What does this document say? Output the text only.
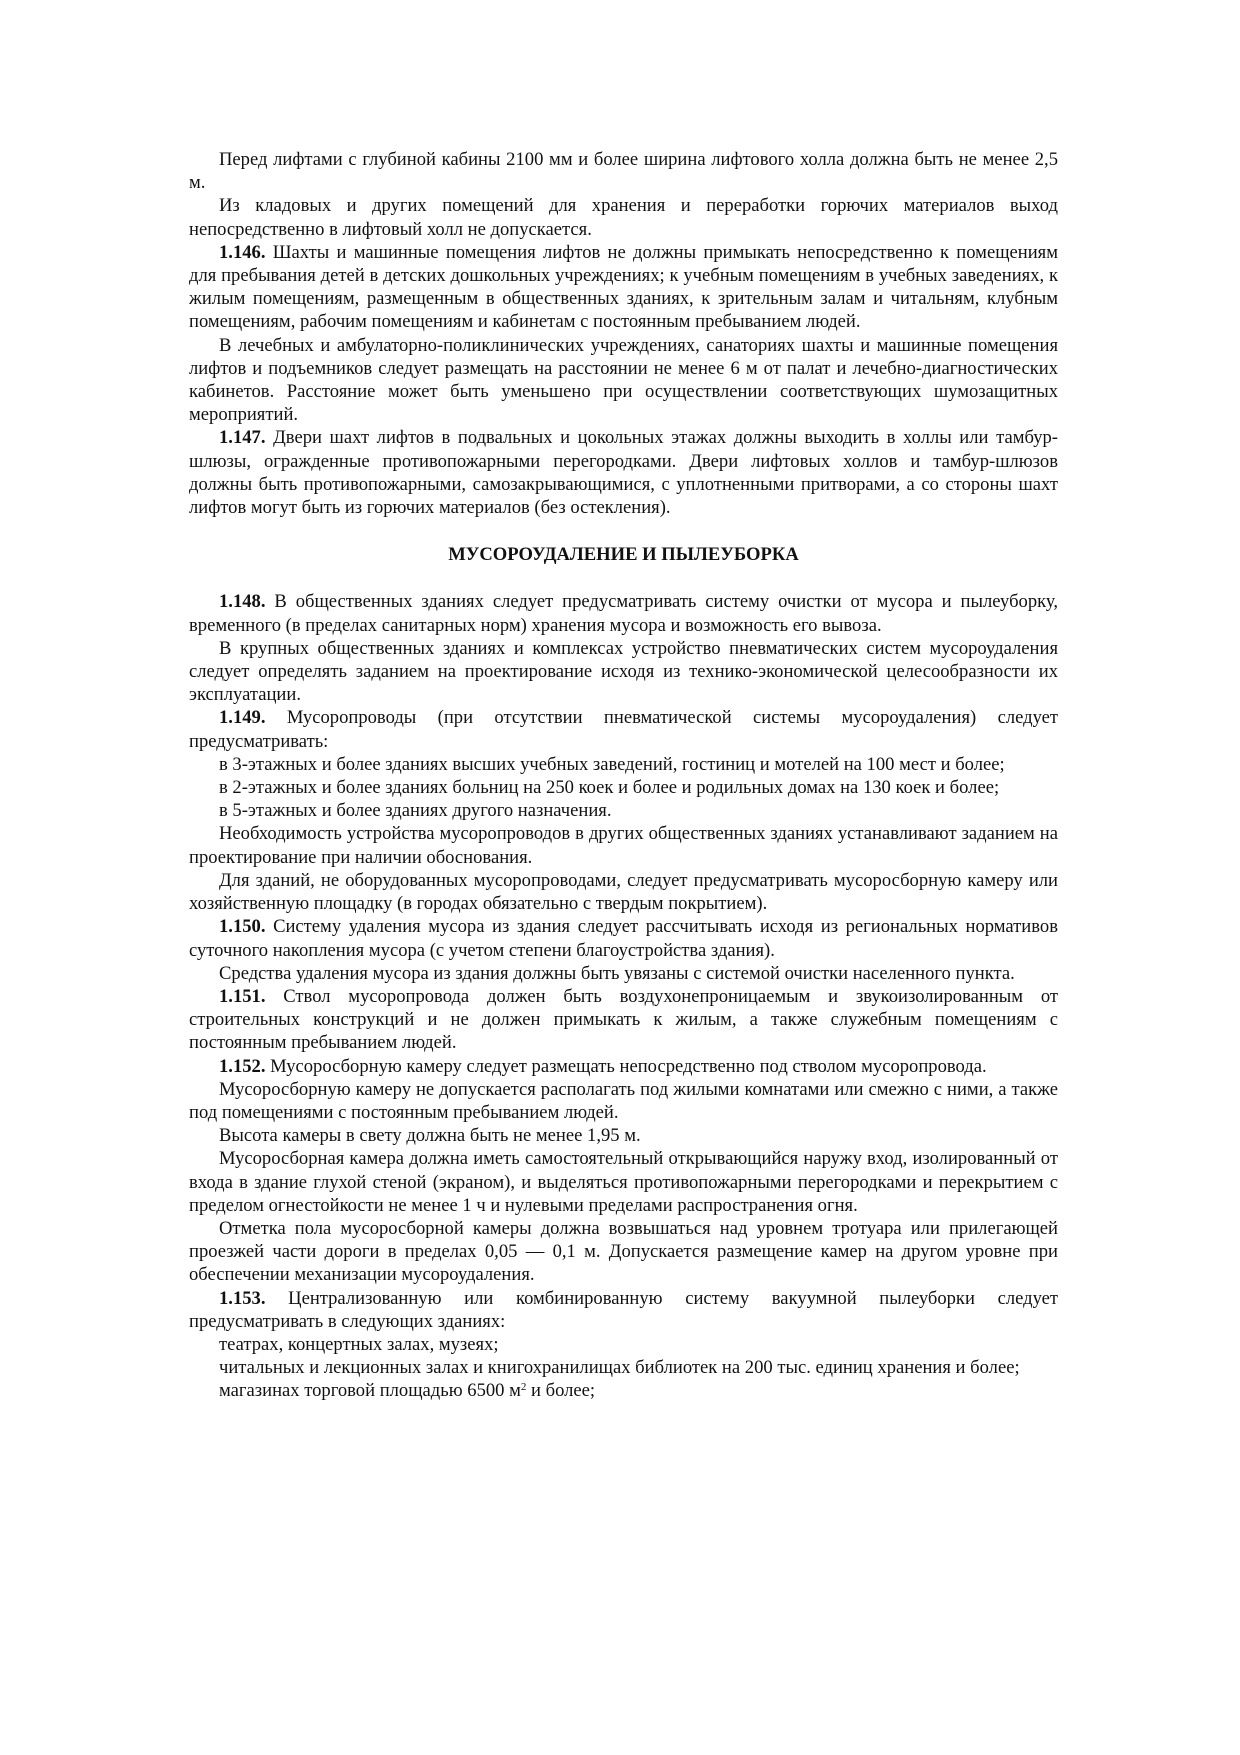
Перед лифтами с глубиной кабины 2100 мм и более ширина лифтового холла должна быть не менее 2,5 м.

Из кладовых и других помещений для хранения и переработки горючих материалов выход непосредственно в лифтовый холл не допускается.

1.146. Шахты и машинные помещения лифтов не должны примыкать непосредственно к помещениям для пребывания детей в детских дошкольных учреждениях; к учебным помещениям в учебных заведениях, к жилым помещениям, размещенным в общественных зданиях, к зрительным залам и читальням, клубным помещениям, рабочим помещениям и кабинетам с постоянным пребыванием людей.

В лечебных и амбулаторно-поликлинических учреждениях, санаториях шахты и машинные помещения лифтов и подъемников следует размещать на расстоянии не менее 6 м от палат и лечебно-диагностических кабинетов. Расстояние может быть уменьшено при осуществлении соответствующих шумозащитных мероприятий.

1.147. Двери шахт лифтов в подвальных и цокольных этажах должны выходить в холлы или тамбур-шлюзы, огражденные противопожарными перегородками. Двери лифтовых холлов и тамбур-шлюзов должны быть противопожарными, самозакрывающимися, с уплотненными притворами, а со стороны шахт лифтов могут быть из горючих материалов (без остекления).

МУСОРОУДАЛЕНИЕ И ПЫЛЕУБОРКА

1.148. В общественных зданиях следует предусматривать систему очистки от мусора и пылеуборку, временного (в пределах санитарных норм) хранения мусора и возможность его вывоза.

В крупных общественных зданиях и комплексах устройство пневматических систем мусороудаления следует определять заданием на проектирование исходя из технико-экономической целесообразности их эксплуатации.

1.149. Мусоропроводы (при отсутствии пневматической системы мусороудаления) следует предусматривать:

в 3-этажных и более зданиях высших учебных заведений, гостиниц и мотелей на 100 мест и более;

в 2-этажных и более зданиях больниц на 250 коек и более и родильных домах на 130 коек и более;

в 5-этажных и более зданиях другого назначения.

Необходимость устройства мусоропроводов в других общественных зданиях устанавливают заданием на проектирование при наличии обоснования.

Для зданий, не оборудованных мусоропроводами, следует предусматривать мусоросборную камеру или хозяйственную площадку (в городах обязательно с твердым покрытием).

1.150. Систему удаления мусора из здания следует рассчитывать исходя из региональных нормативов суточного накопления мусора (с учетом степени благоустройства здания).

Средства удаления мусора из здания должны быть увязаны с системой очистки населенного пункта.

1.151. Ствол мусоропровода должен быть воздухонепроницаемым и звукоизолированным от строительных конструкций и не должен примыкать к жилым, а также служебным помещениям с постоянным пребыванием людей.

1.152. Мусоросборную камеру следует размещать непосредственно под стволом мусоропровода.

Мусоросборную камеру не допускается располагать под жилыми комнатами или смежно с ними, а также под помещениями с постоянным пребыванием людей.

Высота камеры в свету должна быть не менее 1,95 м.

Мусоросборная камера должна иметь самостоятельный открывающийся наружу вход, изолированный от входа в здание глухой стеной (экраном), и выделяться противопожарными перегородками и перекрытием с пределом огнестойкости не менее 1 ч и нулевыми пределами распространения огня.

Отметка пола мусоросборной камеры должна возвышаться над уровнем тротуара или прилегающей проезжей части дороги в пределах 0,05 — 0,1 м. Допускается размещение камер на другом уровне при обеспечении механизации мусороудаления.

1.153. Централизованную или комбинированную систему вакуумной пылеуборки следует предусматривать в следующих зданиях:

театрах, концертных залах, музеях;

читальных и лекционных залах и книгохранилищах библиотек на 200 тыс. единиц хранения и более;

магазинах торговой площадью 6500 $м^2$ и более;
